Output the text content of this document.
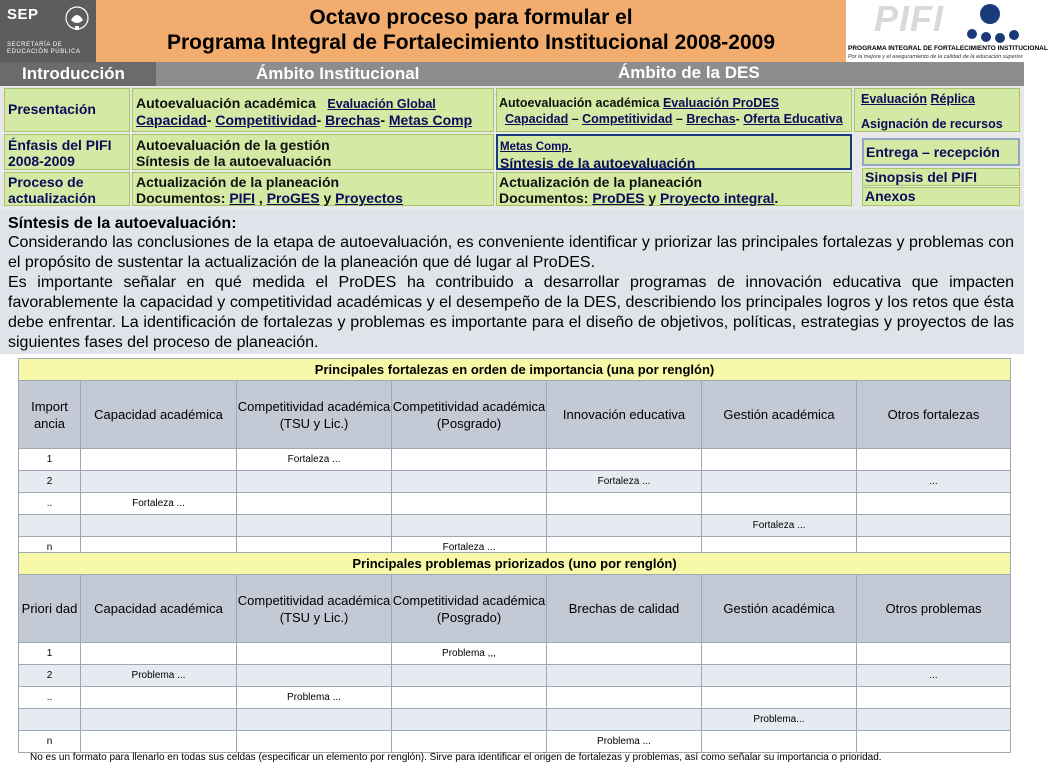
SEP
SECRETARÍA DE EDUCACIÓN PÚBLICA
Octavo proceso para formular el
Programa Integral de Fortalecimiento Institucional 2008-2009
PIFI
PROGRAMA INTEGRAL DE FORTALECIMIENTO INSTITUCIONAL
Por la mejora y el aseguramiento de la calidad de la educación superior
Introducción	Ámbito Institucional	Ámbito de la DES
Presentación
Énfasis del PIFI 2008-2009
Proceso de actualización
Autoevaluación académica Evaluación Global
Capacidad- Competitividad- Brechas- Metas Comp
Autoevaluación de la gestión
Síntesis de la autoevaluación
Actualización de la planeación
Documentos: PIFI , ProGES y Proyectos
Autoevaluación académica Evaluación ProDES
Capacidad – Competitividad – Brechas- Oferta Educativa
Metas Comp.
Síntesis de la autoevaluación
Actualización de la planeación
Documentos: ProDES y Proyecto integral.
Evaluación Réplica
Asignación de recursos
Entrega – recepción
Sinopsis del PIFI
Anexos
Síntesis de la autoevaluación:

Considerando las conclusiones de la etapa de autoevaluación, es conveniente identificar y priorizar las principales fortalezas y problemas con el propósito de sustentar la actualización de la planeación que dé lugar al ProDES.

Es importante señalar en qué medida el ProDES ha contribuido a desarrollar programas de innovación educativa que impacten favorablemente la capacidad y competitividad académicas y el desempeño de la DES, describiendo los principales logros y los retos que ésta debe enfrentar. La identificación de fortalezas y problemas es importante para el diseño de objetivos, políticas, estrategias y proyectos de las siguientes fases del proceso de planeación.

Principales fortalezas en orden de importancia (una por renglón)						
Import ancia	Capacidad académica	Competitividad académica (TSU y Lic.)	Competitividad académica (Posgrado)	Innovación educativa	Gestión académica	Otros fortalezas
1		Fortaleza ...				
2				Fortaleza ...		...
..	Fortaleza ...					
					Fortaleza ...	
n			Fortaleza ...			
Principales problemas priorizados (uno por renglón)						
Priori dad	Capacidad académica	Competitividad académica (TSU y Lic.)	Competitividad académica (Posgrado)	Brechas de calidad	Gestión académica	Otros problemas
1			Problema ,,,			
2	Problema ...					...
..		Problema ...				
					Problema...	
n				Problema ...		
No es un formato para llenarlo en todas sus celdas (especificar un elemento por renglón). Sirve para identificar el origen de fortalezas y problemas, así como señalar su importancia o prioridad.
